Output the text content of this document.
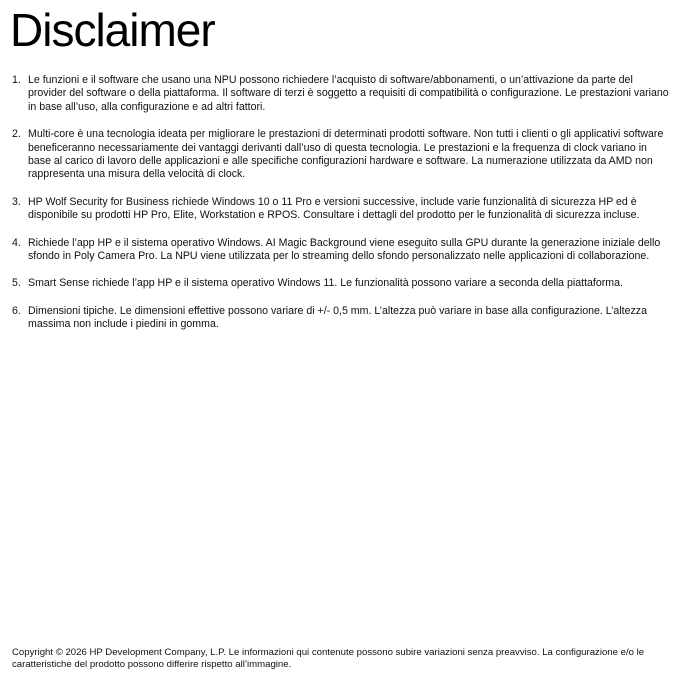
Disclaimer
1. Le funzioni e il software che usano una NPU possono richiedere l’acquisto di software/abbonamenti, o un’attivazione da parte del provider del software o della piattaforma. Il software di terzi è soggetto a requisiti di compatibilità o configurazione. Le prestazioni variano in base all’uso, alla configurazione e ad altri fattori.
2. Multi-core è una tecnologia ideata per migliorare le prestazioni di determinati prodotti software. Non tutti i clienti o gli applicativi software beneficeranno necessariamente dei vantaggi derivanti dall’uso di questa tecnologia. Le prestazioni e la frequenza di clock variano in base al carico di lavoro delle applicazioni e alle specifiche configurazioni hardware e software. La numerazione utilizzata da AMD non rappresenta una misura della velocità di clock.
3. HP Wolf Security for Business richiede Windows 10 o 11 Pro e versioni successive, include varie funzionalità di sicurezza HP ed è disponibile su prodotti HP Pro, Elite, Workstation e RPOS. Consultare i dettagli del prodotto per le funzionalità di sicurezza incluse.
4. Richiede l’app HP e il sistema operativo Windows. AI Magic Background viene eseguito sulla GPU durante la generazione iniziale dello sfondo in Poly Camera Pro. La NPU viene utilizzata per lo streaming dello sfondo personalizzato nelle applicazioni di collaborazione.
5. Smart Sense richiede l’app HP e il sistema operativo Windows 11. Le funzionalità possono variare a seconda della piattaforma.
6. Dimensioni tipiche. Le dimensioni effettive possono variare di +/- 0,5 mm. L’altezza può variare in base alla configurazione. L’altezza massima non include i piedini in gomma.

Copyright © 2026 HP Development Company, L.P. Le informazioni qui contenute possono subire variazioni senza preavviso. La configurazione e/o le caratteristiche del prodotto possono differire rispetto all’immagine.
